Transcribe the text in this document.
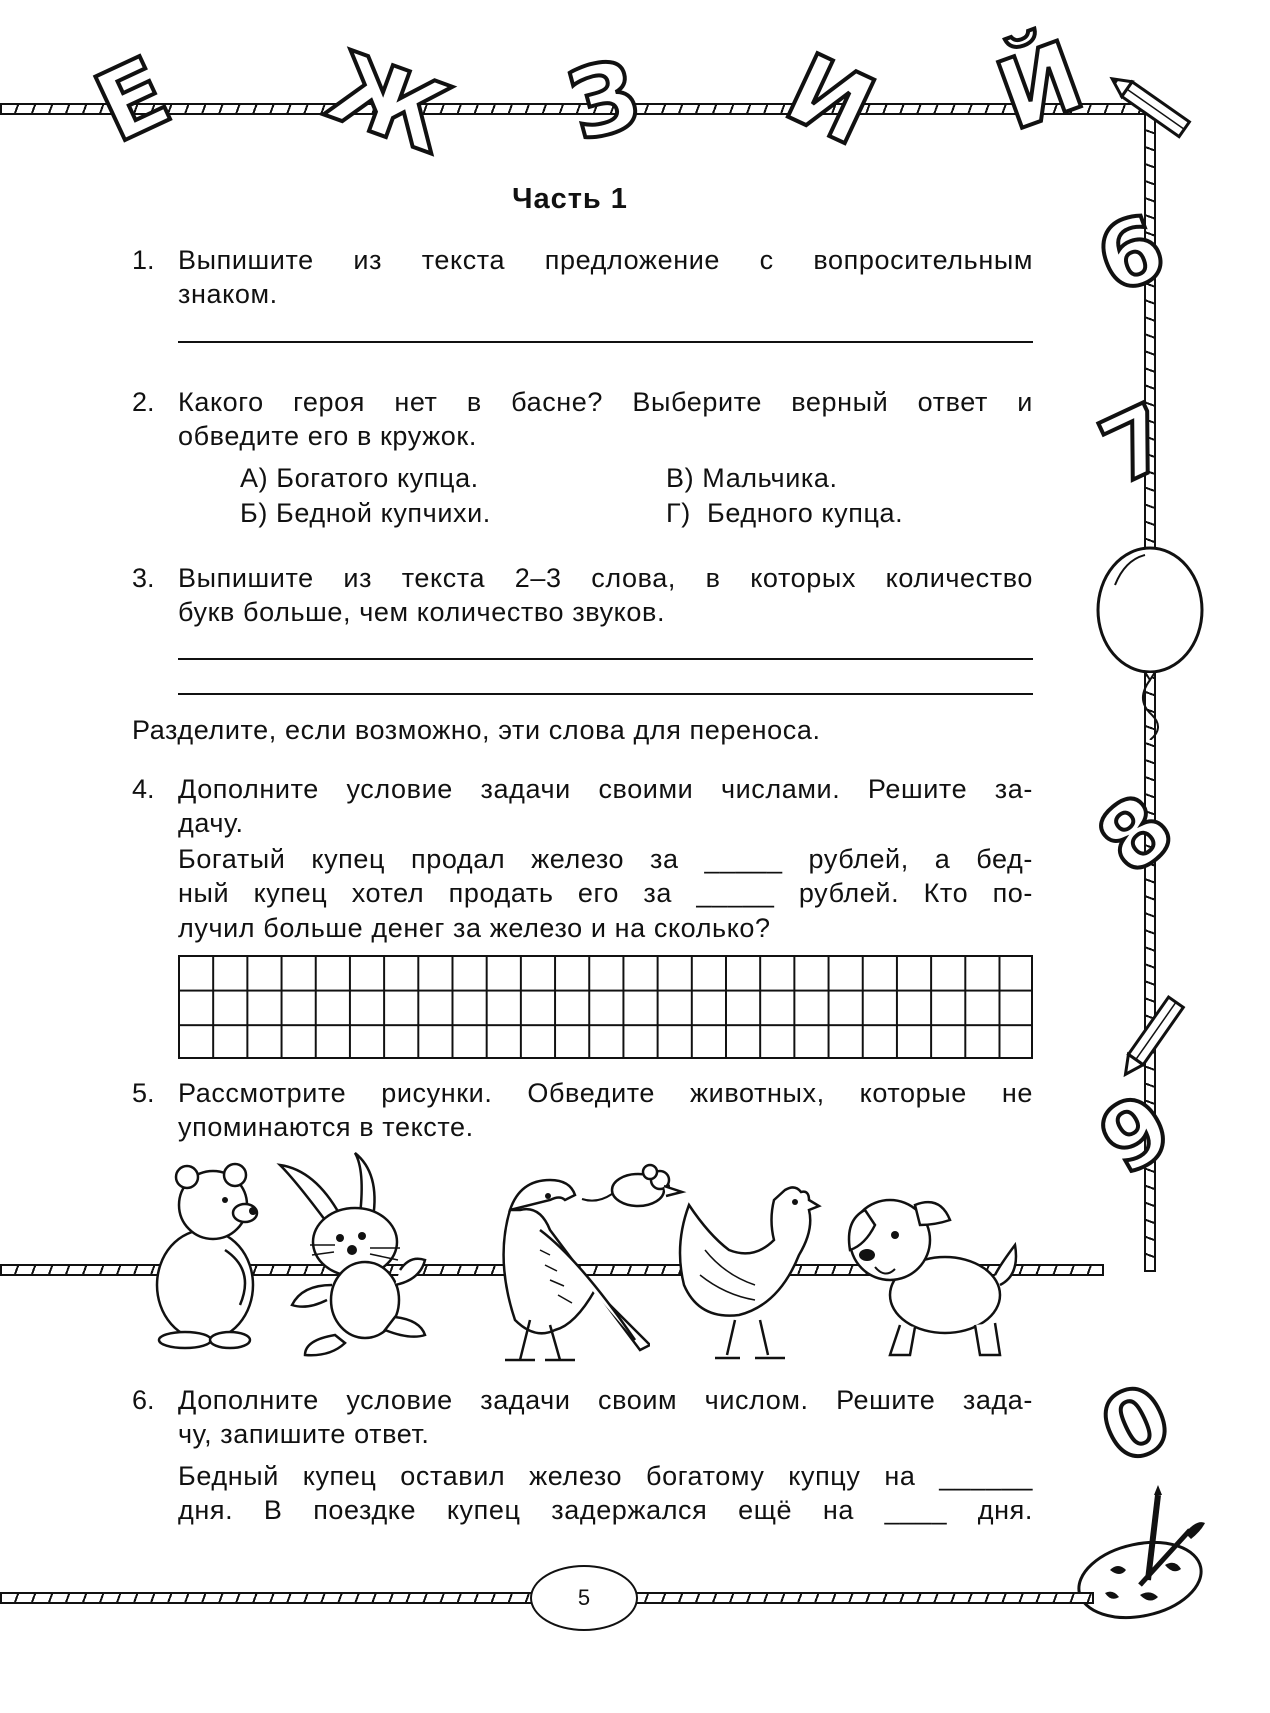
Е Ж З И Й
6
7
8
9
0
Часть 1
1. Выпишите из текста предложение с вопросительным
знаком.
2. Какого героя нет в басне? Выберите верный ответ и
обведите его в кружок.
А) Богатого купца.	В) Мальчика.
Б) Бедной купчихи.	Г)  Бедного купца.
3. Выпишите из текста 2–3 слова, в которых количество
букв больше, чем количество звуков.
Разделите, если возможно, эти слова для переноса.
4. Дополните условие задачи своими числами. Решите за-
дачу.
Богатый купец продал железо за _____ рублей, а бед-
ный купец хотел продать его за _____ рублей. Кто по-
лучил больше денег за железо и на сколько?
5. Рассмотрите рисунки. Обведите животных, которые не
упоминаются в тексте.
6. Дополните условие задачи своим числом. Решите зада-
чу, запишите ответ.
Бедный купец оставил железо богатому купцу на ______
дня. В поездке купец задержался ещё на ____ дня.
5
